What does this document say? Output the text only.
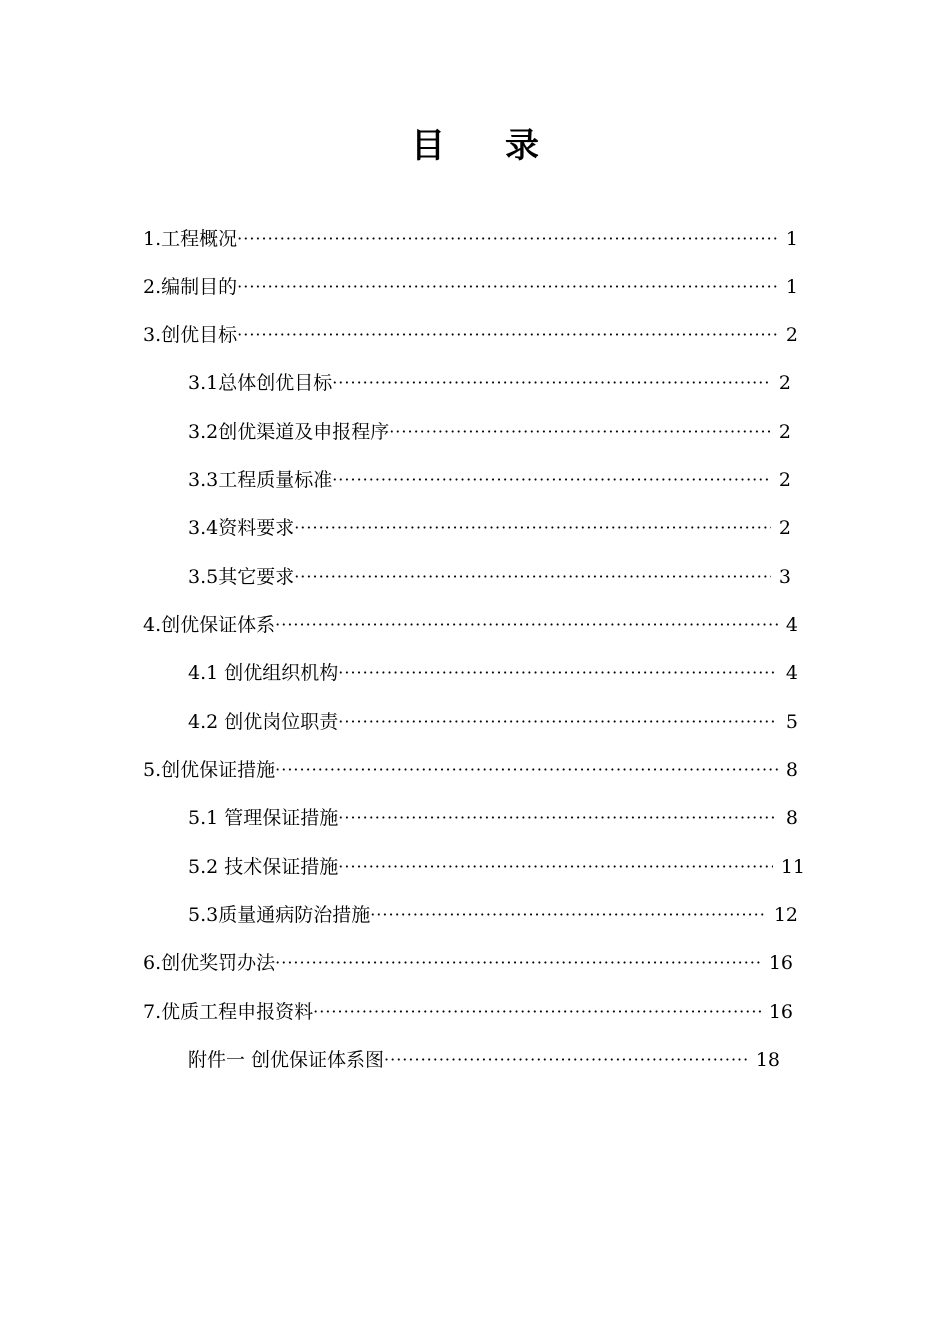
目 录
1.工程概况 ·····	1
2.编制目的 ·····	1
3.创优目标 ·····	2
3.1总体创优目标 ·····	2
3.2创优渠道及申报程序 ·····	2
3.3工程质量标准 ·····	2
3.4资料要求 ·····	2
3.5其它要求 ·····	3
4.创优保证体系 ·····	4
4.1 创优组织机构 ·····	4
4.2 创优岗位职责 ·····	5
5.创优保证措施 ·····	8
5.1 管理保证措施 ·····	8
5.2 技术保证措施 ·····	11
5.3质量通病防治措施 ·····	12
6.创优奖罚办法 ·····	16
7.优质工程申报资料 ·····	16
附件一 创优保证体系图 ·····	18
